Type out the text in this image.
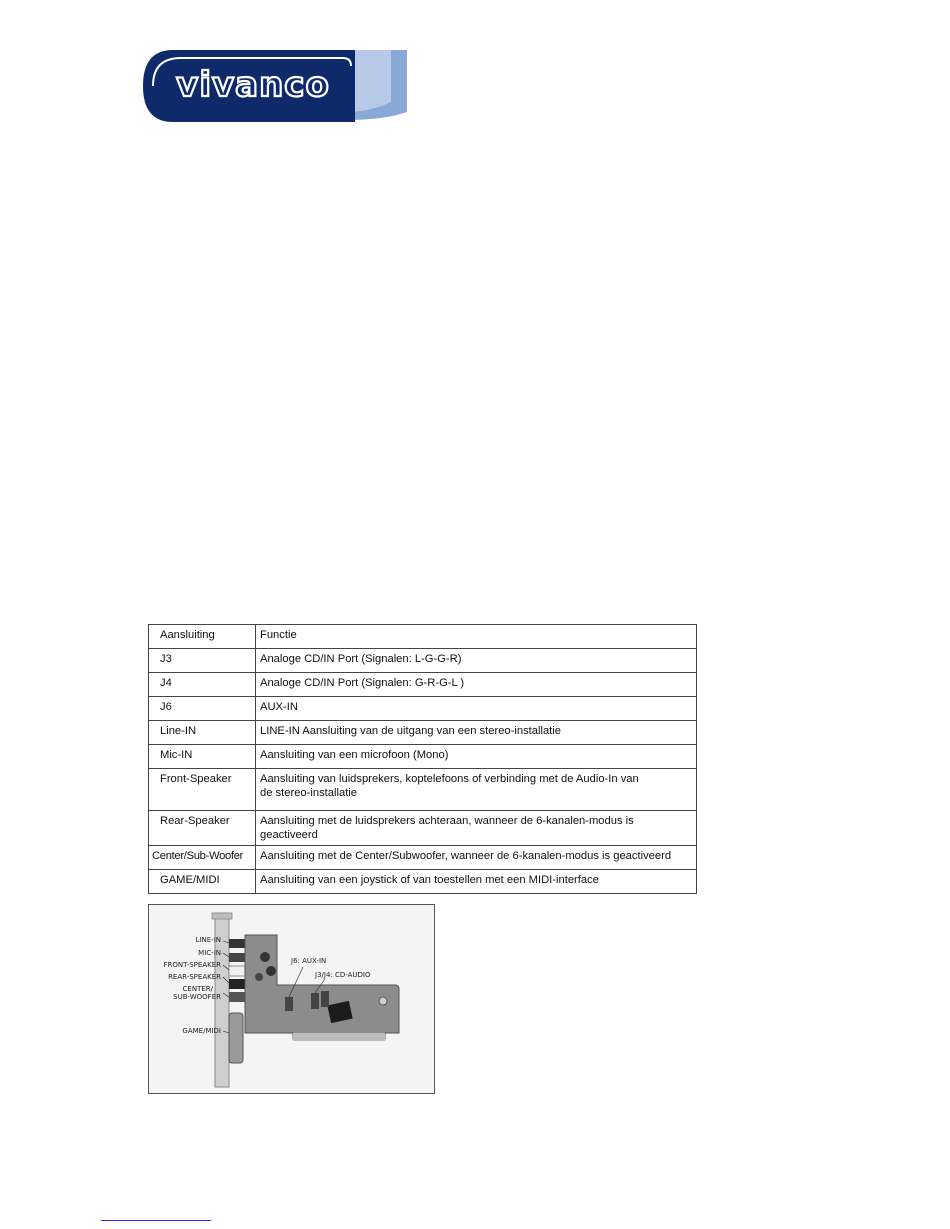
vivanco
Aansluiting	Functie
J3	Analoge CD/IN Port (Signalen: L-G-G-R)
J4	Analoge CD/IN Port (Signalen: G-R-G-L )
J6	AUX-IN
Line-IN	LINE-IN Aansluiting van de uitgang van een stereo-installatie
Mic-IN	Aansluiting van een microfoon (Mono)
Front-Speaker	Aansluiting van luidsprekers, koptelefoons of verbinding met de Audio-In van
de stereo-installatie
Rear-Speaker	Aansluiting met de luidsprekers achteraan, wanneer de 6-kanalen-modus is geactiveerd
Center/Sub-Woofer	Aansluiting met de Center/Subwoofer, wanneer de 6-kanalen-modus is geactiveerd
GAME/MIDI	Aansluiting van een joystick of van toestellen met een MIDI-interface
LINE-IN
MIC-IN
FRONT-SPEAKER
REAR-SPEAKER
CENTER/
SUB-WOOFER
GAME/MIDI
J6: AUX-IN
J3/J4: CD-AUDIO
